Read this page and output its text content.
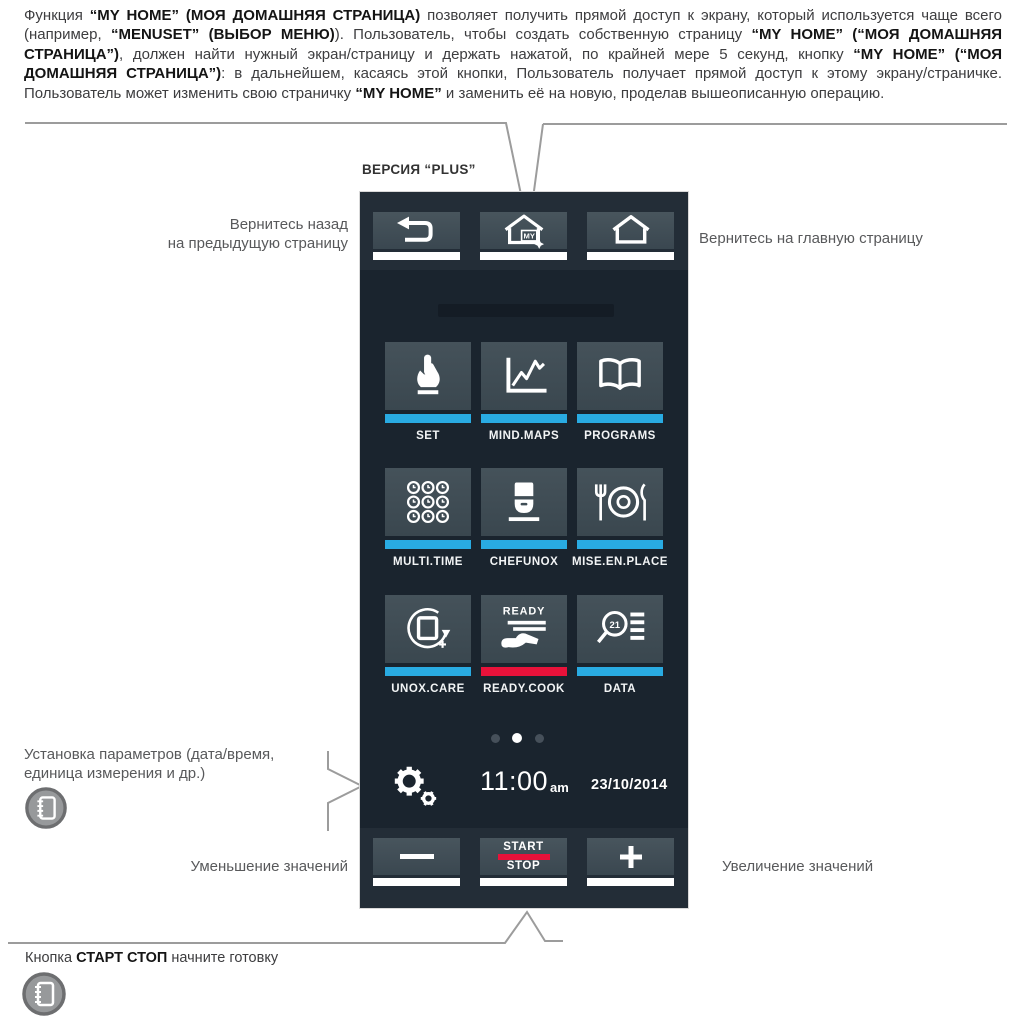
Функция “MY HOME” (МОЯ ДОМАШНЯЯ СТРАНИЦА) позволяет получить прямой доступ к экрану, который используется чаще всего (например, “MENUSET” (ВЫБОР МЕНЮ)). Пользователь, чтобы создать собственную страницу “MY HOME” (“МОЯ ДОМАШНЯЯ СТРАНИЦА”), должен найти нужный экран/страницу и держать нажатой, по крайней мере 5 секунд, кнопку “MY HOME” (“МОЯ ДОМАШНЯЯ СТРАНИЦА”): в дальнейшем, касаясь этой кнопки, Пользователь получает прямой доступ к этому экрану/страничке. Пользователь может изменить свою страничку “MY HOME” и заменить её на новую, проделав вышеописанную операцию.

ВЕРСИЯ “PLUS”
Вернитесь назад
на предыдущую страницу	Вернитесь на главную страницу
Установка параметров (дата/время,
единица измерения и др.)
Уменьшение значений	Увеличение значений
Кнопка СТАРТ СТОП начните готовку
MY
SET	MIND.MAPS	PROGRAMS
MULTI.TIME	CHEFUNOX	MISE.EN.PLACE
UNOX.CARE
READY
READY.COOK
21
DATA

11:00 am 23/10/2014
START
STOP
